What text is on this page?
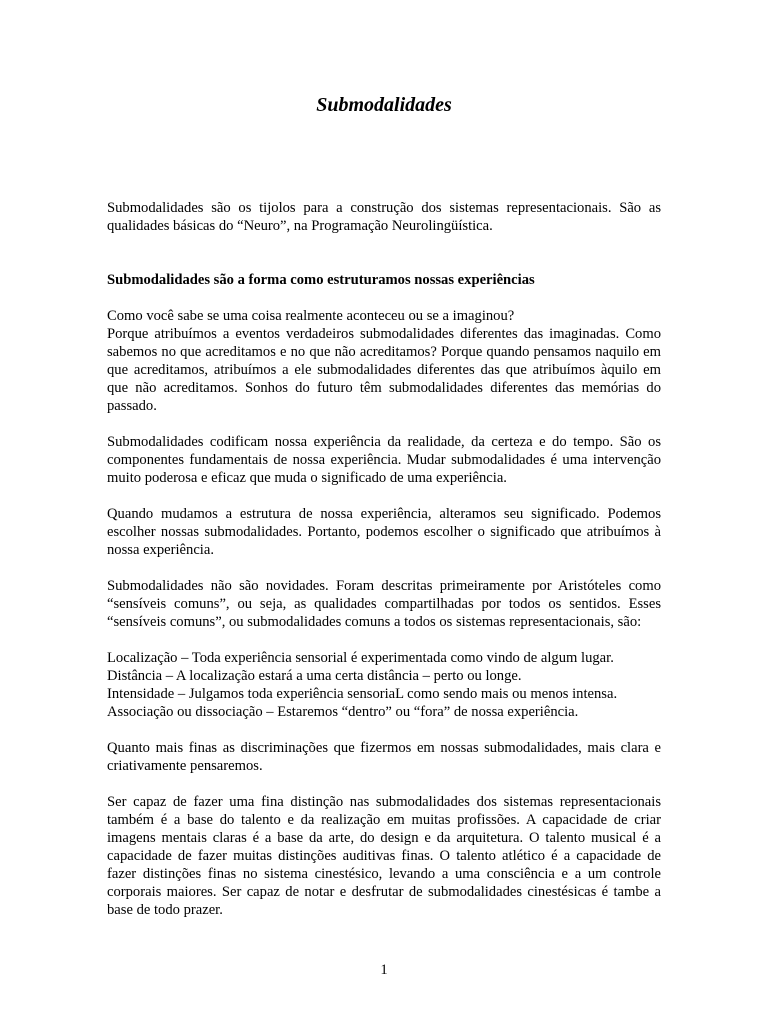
Submodalidades

Submodalidades são os tijolos para a construção dos sistemas representacionais. São as qualidades básicas do “Neuro”, na Programação Neurolingüística.

Submodalidades são a forma como estruturamos nossas experiências

Como você sabe se uma coisa realmente aconteceu ou se a imaginou?

Porque atribuímos a eventos verdadeiros submodalidades diferentes das imaginadas. Como sabemos no que acreditamos e no que não acreditamos? Porque quando pensamos naquilo em que acreditamos, atribuímos a ele submodalidades diferentes das que atribuímos àquilo em que não acreditamos. Sonhos do futuro têm submodalidades diferentes das memórias do passado.

Submodalidades codificam nossa experiência da realidade, da certeza e do tempo. São os componentes fundamentais de nossa experiência. Mudar submodalidades é uma intervenção muito poderosa e eficaz que muda o significado de uma experiência.

Quando mudamos a estrutura de nossa experiência, alteramos seu significado. Podemos escolher nossas submodalidades. Portanto, podemos escolher o significado que atribuímos à nossa experiência.

Submodalidades não são novidades. Foram descritas primeiramente por Aristóteles como “sensíveis comuns”, ou seja, as qualidades compartilhadas por todos os sentidos. Esses “sensíveis comuns”, ou submodalidades comuns a todos os sistemas representacionais, são:

Localização – Toda experiência sensorial é experimentada como vindo de algum lugar.
Distância – A localização estará a uma certa distância – perto ou longe.
Intensidade – Julgamos toda experiência sensoriaL como sendo mais ou menos intensa.
Associação ou dissociação – Estaremos “dentro” ou “fora” de nossa experiência.

Quanto mais finas as discriminações que fizermos em nossas submodalidades, mais clara e criativamente pensaremos.

Ser capaz de fazer uma fina distinção nas submodalidades dos sistemas representacionais também é a base do talento e da realização em muitas profissões. A capacidade de criar imagens mentais claras é a base da arte, do design e da arquitetura. O talento musical é a capacidade de fazer muitas distinções auditivas finas. O talento atlético é a capacidade de fazer distinções finas no sistema cinestésico, levando a uma consciência e a um controle corporais maiores. Ser capaz de notar e desfrutar de submodalidades cinestésicas é tambe a base de todo prazer.

1
